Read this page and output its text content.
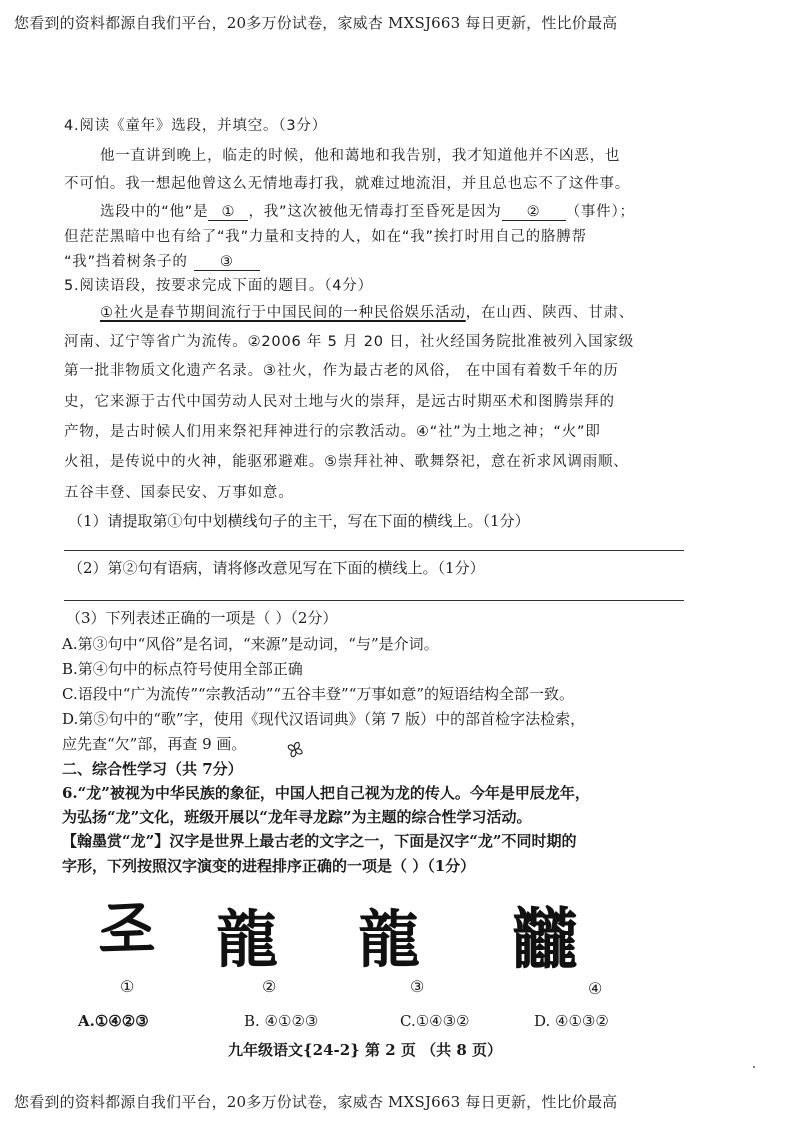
您看到的资料都源自我们平台，20多万份试卷，家威杏 MXSJ663 每日更新，性比价最高
4.阅读《童年》选段，并填空。（3分）
他一直讲到晚上，临走的时候，他和蔼地和我告别，我才知道他并不凶恶，也
不可怕。我一想起他曾这么无情地毒打我，就难过地流泪，并且总也忘不了这件事。
选段中的“他”是 ① ，我”这次被他无情毒打至昏死是因为 ② （事件）；
但茫茫黑暗中也有给了“我”力量和支持的人，如在“我”挨打时用自己的胳膊帮
“我”挡着树条子的 ③
5.阅读语段，按要求完成下面的题目。（4分）
①社火是春节期间流行于中国民间的一种民俗娱乐活动，在山西、陕西、甘肃、
河南、辽宁等省广为流传。②2006 年 5 月 20 日，社火经国务院批准被列入国家级
第一批非物质文化遗产名录。③社火，作为最古老的风俗， 在中国有着数千年的历
史，它来源于古代中国劳动人民对土地与火的崇拜，是远古时期巫术和图腾崇拜的
产物，是古时候人们用来祭祀拜神进行的宗教活动。④“社”为土地之神；“火”即
火祖，是传说中的火神，能驱邪避难。⑤崇拜社神、歌舞祭祀，意在祈求风调雨顺、
五谷丰登、国泰民安、万事如意。
（1）请提取第①句中划横线句子的主干，写在下面的横线上。（1分）
（2）第②句有语病，请将修改意见写在下面的横线上。（1分）
（3）下列表述正确的一项是（ ）（2分）
A.第③句中“风俗”是名词，“来源”是动词，“与”是介词。
B.第④句中的标点符号使用全部正确
C.语段中“广为流传”“宗教活动”“五谷丰登”“万事如意”的短语结构全部一致。
D.第⑤句中的“歌”字，使用《现代汉语词典》（第 7 版）中的部首检字法检索，
应先查“欠”部，再查 9 画。 ꕤ
二、综合性学习（共 7分）
6.“龙”被视为中华民族的象征，中国人把自己视为龙的传人。今年是甲辰龙年，
为弘扬“龙”文化，班级开展以“龙年寻龙踪”为主题的综合性学习活动。
【翰墨赏“龙”】汉字是世界上最古老的文字之一，下面是汉字“龙”不同时期的
字形，下列按照汉字演变的进程排序正确的一项是（ ）（1分）
𢀖 龍 龍 龖
①	②	③	④
A.①④②③	B. ④①②③	C.①④③②	D. ④①③②
九年级语文{24-2} 第 2 页 （共 8 页）
您看到的资料都源自我们平台，20多万份试卷，家威杏 MXSJ663 每日更新，性比价最高
